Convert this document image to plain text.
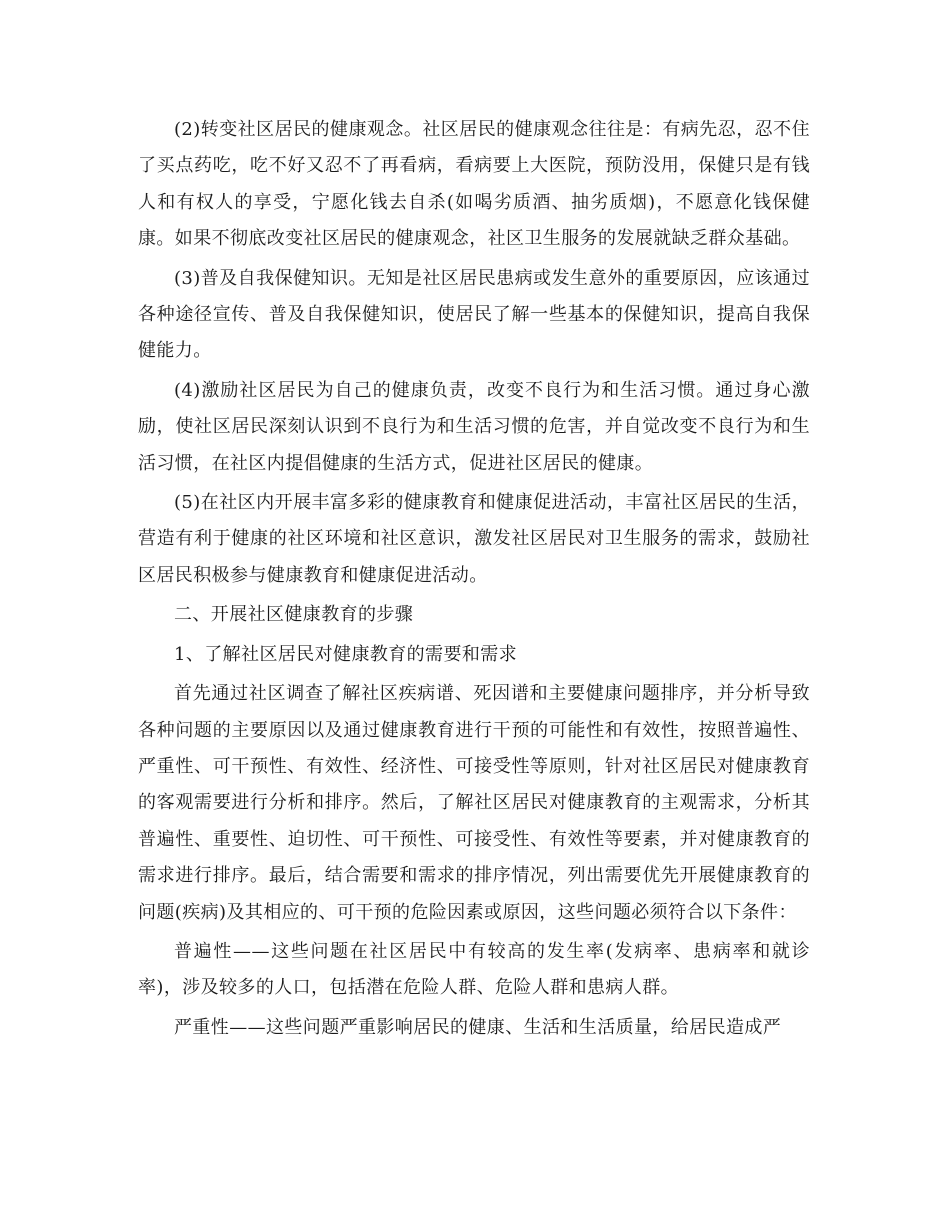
(2)转变社区居民的健康观念。社区居民的健康观念往往是：有病先忍，忍不住了买点药吃，吃不好又忍不了再看病，看病要上大医院，预防没用，保健只是有钱人和有权人的享受，宁愿化钱去自杀(如喝劣质酒、抽劣质烟)，不愿意化钱保健康。如果不彻底改变社区居民的健康观念，社区卫生服务的发展就缺乏群众基础。

(3)普及自我保健知识。无知是社区居民患病或发生意外的重要原因，应该通过各种途径宣传、普及自我保健知识，使居民了解一些基本的保健知识，提高自我保健能力。

(4)激励社区居民为自己的健康负责，改变不良行为和生活习惯。通过身心激励，使社区居民深刻认识到不良行为和生活习惯的危害，并自觉改变不良行为和生活习惯，在社区内提倡健康的生活方式，促进社区居民的健康。

(5)在社区内开展丰富多彩的健康教育和健康促进活动，丰富社区居民的生活，营造有利于健康的社区环境和社区意识，激发社区居民对卫生服务的需求，鼓励社区居民积极参与健康教育和健康促进活动。

二、开展社区健康教育的步骤

1、了解社区居民对健康教育的需要和需求

首先通过社区调查了解社区疾病谱、死因谱和主要健康问题排序，并分析导致各种问题的主要原因以及通过健康教育进行干预的可能性和有效性，按照普遍性、严重性、可干预性、有效性、经济性、可接受性等原则，针对社区居民对健康教育的客观需要进行分析和排序。然后，了解社区居民对健康教育的主观需求，分析其普遍性、重要性、迫切性、可干预性、可接受性、有效性等要素，并对健康教育的需求进行排序。最后，结合需要和需求的排序情况，列出需要优先开展健康教育的问题(疾病)及其相应的、可干预的危险因素或原因，这些问题必须符合以下条件：

普遍性——这些问题在社区居民中有较高的发生率(发病率、患病率和就诊率)，涉及较多的人口，包括潜在危险人群、危险人群和患病人群。

严重性——这些问题严重影响居民的健康、生活和生活质量，给居民造成严
